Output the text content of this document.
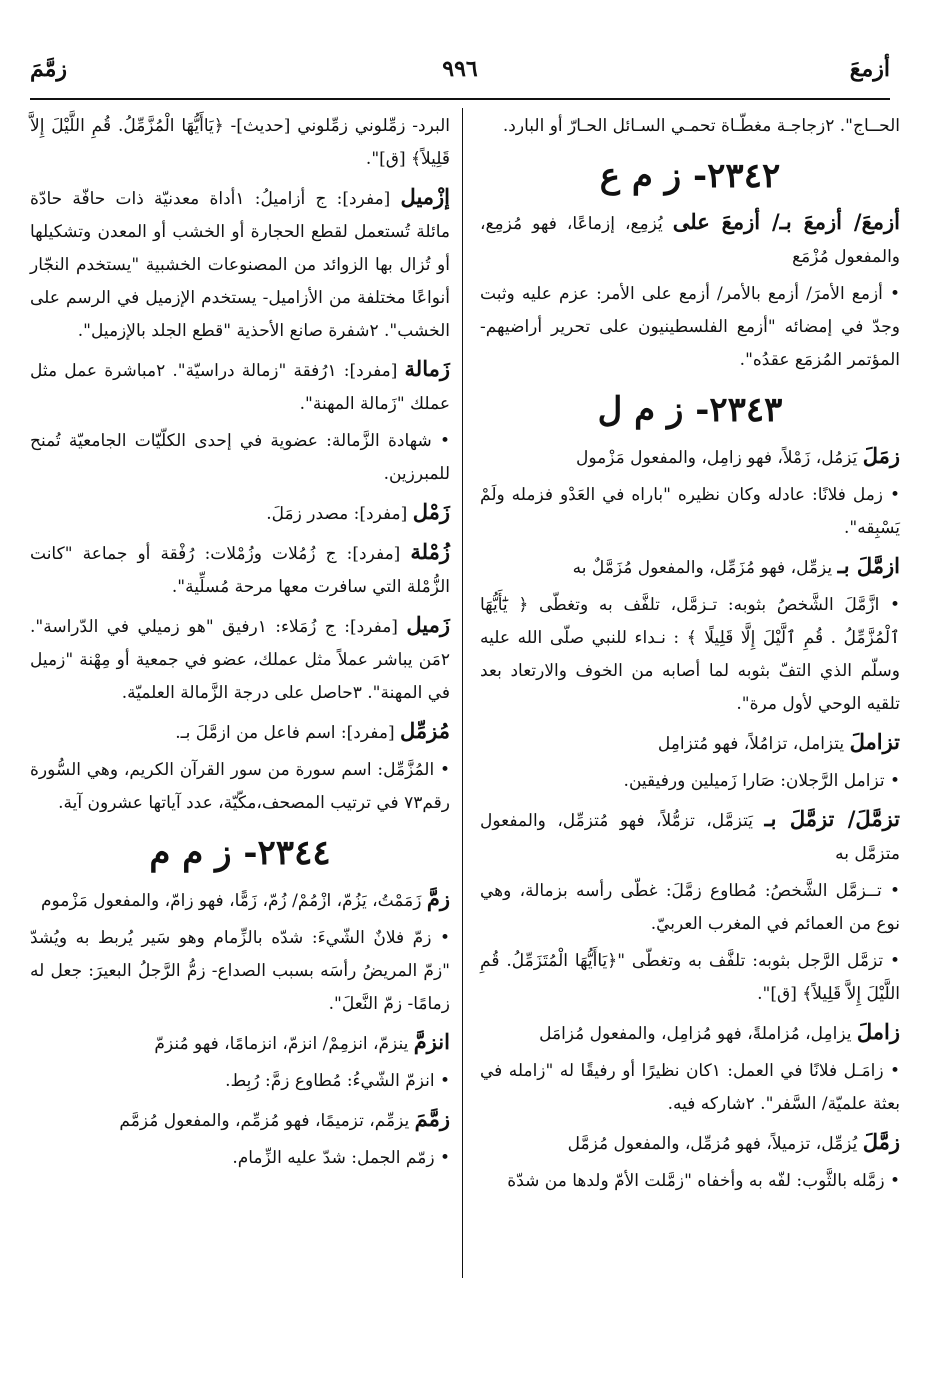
أزمعَ
٩٩٦
زمَّمَ
الحــاج". ٢زجاجـة مغطّـاة تحمـي السـائل الحـارّ أو البارد.
٢٣٤٢- ز م ع
أزمعَ/ أزمعَ بـ/ أزمعَ على يُزمِع، إزماعًا، فهو مُزمِع، والمفعول مُزْمَع
• أزمع الأمرَ/ أزمع بالأمر/ أزمع على الأمر: عزم عليه وثبت وجدّ في إمضائه "أزمع الفلسطينيون على تحرير أراضيهم- المؤتمر المُزمَع عقدُه".
٢٣٤٣- ز م ل
زمَلَ يَزمُل، زَمْلاً، فهو زامِل، والمفعول مَزْمول
• زمل فلانًا: عادله وكان نظيره "باراه في العَدْو فزمله ولَمْ يَسْبِقه".
ازمَّلَ بـ يزمِّل، فهو مُزَمِّل، والمفعول مُزَمَّلٌ به
• ازَّمَّلَ الشَّخصُ بثوبه: تـزمَّل، تلفَّف به وتغطّى ﴿ يَٰٓأَيُّهَا ٱلْمُزَّمِّلُ . قُمِ ٱلَّيْلَ إِلَّا قَلِيلًا ﴾ : نـداء للنبي صلّى الله عليه وسلّم الذي التفّ بثوبه لما أصابه من الخوف والارتعاد بعد تلقيه الوحي لأول مرة".
تزاملَ يتزامل، تزامُلاً، فهو مُتزامِل
• تزامل الرَّجلان: صَارا زَميلين ورفيقين.
تزمَّلَ/ تزمَّلَ بـ يَتزمَّل، تزمُّلاً، فهو مُتزمِّل، والمفعول متزمَّل به
• تــزمَّل الشَّخصُ: مُطاوع زمَّلَ: غطّى رأسه بزمالة، وهي نوع من العمائم في المغرب العربيّ.
• تزمَّل الرَّجل بثوبه: تلفَّف به وتغطّى "﴿يَاأَيُّهَا الْمُتَزَمِّلُ. قُمِ اللَّيْلَ إِلاَّ قَلِيلاً﴾ [ق]".
زاملَ يزامِل، مُزاملةً، فهو مُزامِل، والمفعول مُزامَل
• زامَـل فلانًا في العمل: ١كان نظيرًا أو رفيقًا له "زامله في بعثة علميّة/ السَّفر". ٢شاركه فيه.
زمَّلَ يُزمِّل، تزميلاً، فهو مُزمِّل، والمفعول مُزمَّل
• زمَّله بالثَّوب: لفّه به وأخفاه "زمَّلت الأمّ ولدها من شدّة
البرد- زمِّلوني زمِّلوني [حديث]- ﴿يَاأَيُّهَا الْمُزَّمِّلُ. قُمِ اللَّيْلَ إِلاَّ قَلِيلاً﴾ [ق]".
إزْميل [مفرد]: ج أزاميلُ: ١أداة معدنيّة ذات حافّة حادّة مائلة تُستعمل لقطع الحجارة أو الخشب أو المعدن وتشكيلها أو تُزال بها الزوائد من المصنوعات الخشبية "يستخدم النجّار أنواعًا مختلفة من الأزاميل- يستخدم الإزميل في الرسم على الخشب". ٢شفرة صانع الأحذية "قطع الجلد بالإزميل".
زَمالة [مفرد]: ١رُفقة "زمالة دراسيّة". ٢مباشرة عمل مثل عملك "زَمالة المهنة".
• شهادة الزَّمالة: عضوية في إحدى الكلّيّات الجامعيّة تُمنح للمبرزين.
زَمْل [مفرد]: مصدر زمَلَ.
زُمْلة [مفرد]: ج زُمُلات وزُمْلات: رُفْقة أو جماعة "كانت الزُّمْلة التي سافرت معها مرحة مُسلِّية".
زَميل [مفرد]: ج زُمَلاء: ١رفيق "هو زميلي في الدّراسة". ٢مَن يباشر عملاً مثل عملك، عضو في جمعية أو مِهْنة "زميل في المهنة". ٣حاصل على درجة الزَّمالة العلميّة.
مُزمِّل [مفرد]: اسم فاعل من ازمَّلَ بـ.
• المُزَّمِّل: اسم سورة من سور القرآن الكريم، وهي السُّورة رقم٧٣ في ترتيب المصحف،مكّيّة، عدد آياتها عشرون آية.
٢٣٤٤- ز م م
زمَّ زَمَمْتُ، يَزُمّ، ازْمُمْ/ زُمّ، زَمًّا، فهو زامّ، والمفعول مَزْموم
• زمّ فلانٌ الشّيءَ: شدّه بالزِّمام وهو سَير يُربط به ويُشدّ "زمّ المريضُ رأسَه بسبب الصداع- زمُّ الرَّجلُ البعيرَ: جعل له زمامًا- زمّ النَّعلَ".
انزمَّ ينزمّ، انزمِمْ/ انزمّ، انزمامًا، فهو مُنزمّ
• انزمّ الشّيءُ: مُطاوع زمَّ: رُبِط.
زمَّمَ يزمِّم، تزميمًا، فهو مُزمِّم، والمفعول مُزمَّم
• زمّم الجمل: شدّ عليه الزِّمام.
